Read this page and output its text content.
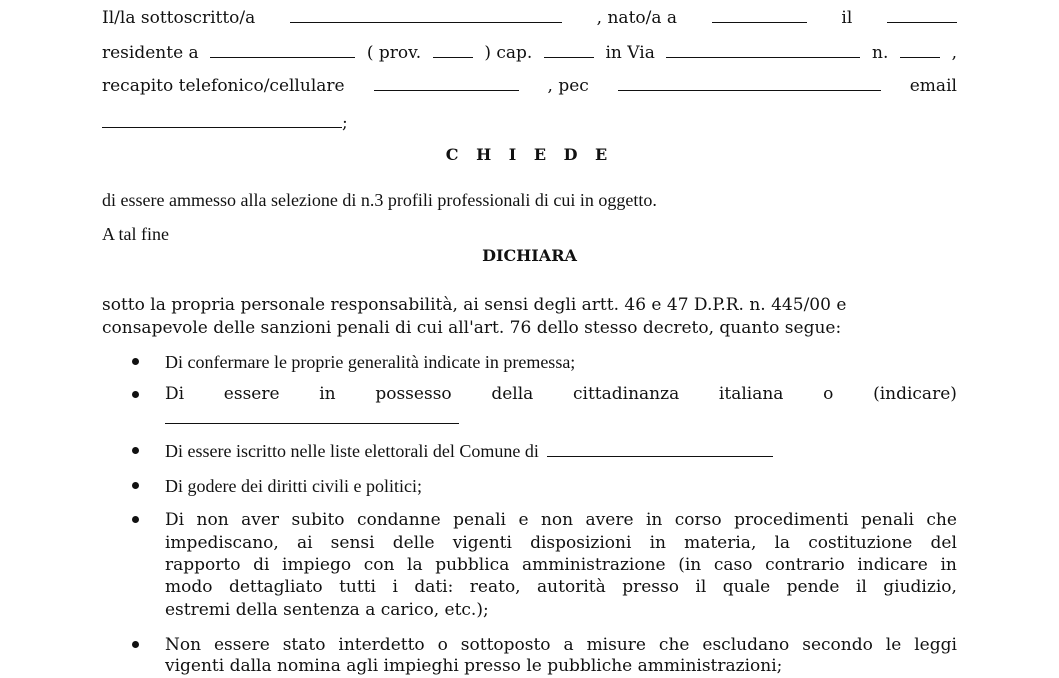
Il/la sottoscritto/a	, nato/a a	il
residente a	( prov.	) cap.	in Via	n.	,
recapito telefonico/cellulare	, pec	email
;
C H I E D E
di essere ammesso alla selezione di n.3 profili professionali di cui in oggetto.
A tal fine
DICHIARA
sotto la propria personale responsabilità, ai sensi degli artt. 46 e 47 D.P.R. n. 445/00 e
consapevole delle sanzioni penali di cui all'art. 76 dello stesso decreto, quanto segue:
Di confermare le proprie generalità indicate in premessa;
Di essere in possesso della cittadinanza italiana o (indicare)
Di essere iscritto nelle liste elettorali del Comune di
Di godere dei diritti civili e politici;
Di non aver subito condanne penali e non avere in corso procedimenti penali che
impediscano, ai sensi delle vigenti disposizioni in materia, la costituzione del
rapporto di impiego con la pubblica amministrazione (in caso contrario indicare in
modo dettagliato tutti i dati: reato, autorità presso il quale pende il giudizio,
estremi della sentenza a carico, etc.);
Non essere stato interdetto o sottoposto a misure che escludano secondo le leggi
vigenti dalla nomina agli impieghi presso le pubbliche amministrazioni;
